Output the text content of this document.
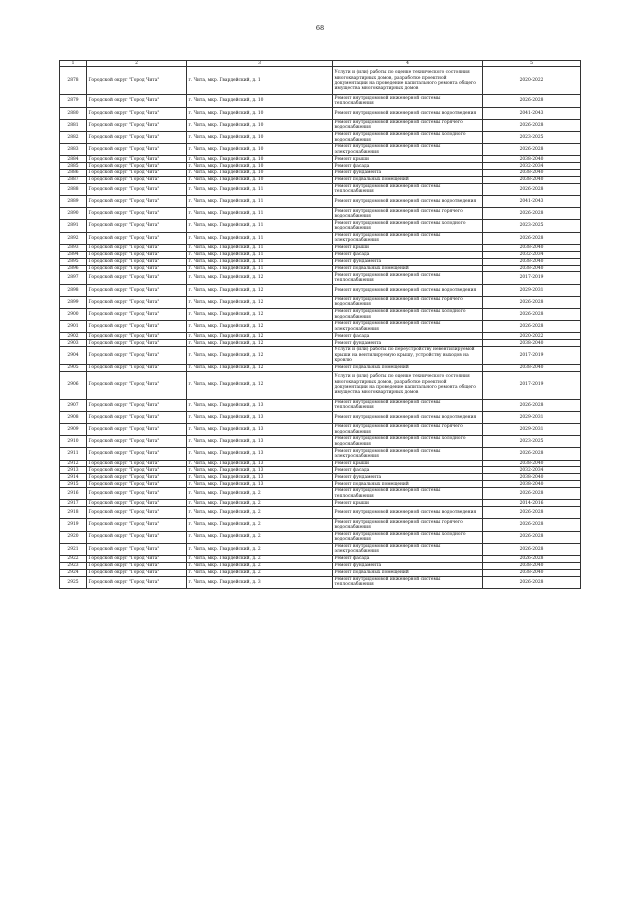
68
1	2	3	4	5
2878	Городской округ "Город Чита"	г. Чита, мкр. Гвардейский, д. 1	Услуги и (или) работы по оценке технического состояния многоквартирных домов, разработке проектной документации на проведение капитального ремонта общего имущества многоквартирных домов	2020-2022
2879	Городской округ "Город Чита"	г. Чита, мкр. Гвардейский, д. 10	Ремонт внутридомовой инженерной системы теплоснабжения	2026-2028
2880	Городской округ "Город Чита"	г. Чита, мкр. Гвардейский, д. 10	Ремонт внутридомовой инженерной системы водоотведения	2041-2043
2881	Городской округ "Город Чита"	г. Чита, мкр. Гвардейский, д. 10	Ремонт внутридомовой инженерной системы горячего водоснабжения	2026-2028
2882	Городской округ "Город Чита"	г. Чита, мкр. Гвардейский, д. 10	Ремонт внутридомовой инженерной системы холодного водоснабжения	2023-2025
2883	Городской округ "Город Чита"	г. Чита, мкр. Гвардейский, д. 10	Ремонт внутридомовой инженерной системы электроснабжения	2026-2028
2884	Городской округ "Город Чита"	г. Чита, мкр. Гвардейский, д. 10	Ремонт крыши	2038-2040
2885	Городской округ "Город Чита"	г. Чита, мкр. Гвардейский, д. 10	Ремонт фасада	2032-2034
2886	Городской округ "Город Чита"	г. Чита, мкр. Гвардейский, д. 10	Ремонт фундамента	2038-2040
2887	Городской округ "Город Чита"	г. Чита, мкр. Гвардейский, д. 10	Ремонт подвальных помещений	2038-2040
2888	Городской округ "Город Чита"	г. Чита, мкр. Гвардейский, д. 11	Ремонт внутридомовой инженерной системы теплоснабжения	2026-2028
2889	Городской округ "Город Чита"	г. Чита, мкр. Гвардейский, д. 11	Ремонт внутридомовой инженерной системы водоотведения	2041-2043
2890	Городской округ "Город Чита"	г. Чита, мкр. Гвардейский, д. 11	Ремонт внутридомовой инженерной системы горячего водоснабжения	2026-2028
2891	Городской округ "Город Чита"	г. Чита, мкр. Гвардейский, д. 11	Ремонт внутридомовой инженерной системы холодного водоснабжения	2023-2025
2892	Городской округ "Город Чита"	г. Чита, мкр. Гвардейский, д. 11	Ремонт внутридомовой инженерной системы электроснабжения	2026-2028
2893	Городской округ "Город Чита"	г. Чита, мкр. Гвардейский, д. 11	Ремонт крыши	2038-2040
2894	Городской округ "Город Чита"	г. Чита, мкр. Гвардейский, д. 11	Ремонт фасада	2032-2034
2895	Городской округ "Город Чита"	г. Чита, мкр. Гвардейский, д. 11	Ремонт фундамента	2038-2040
2896	Городской округ "Город Чита"	г. Чита, мкр. Гвардейский, д. 11	Ремонт подвальных помещений	2038-2040
2897	Городской округ "Город Чита"	г. Чита, мкр. Гвардейский, д. 12	Ремонт внутридомовой инженерной системы теплоснабжения	2017-2019
2898	Городской округ "Город Чита"	г. Чита, мкр. Гвардейский, д. 12	Ремонт внутридомовой инженерной системы водоотведения	2029-2031
2899	Городской округ "Город Чита"	г. Чита, мкр. Гвардейский, д. 12	Ремонт внутридомовой инженерной системы горячего водоснабжения	2026-2028
2900	Городской округ "Город Чита"	г. Чита, мкр. Гвардейский, д. 12	Ремонт внутридомовой инженерной системы холодного водоснабжения	2026-2028
2901	Городской округ "Город Чита"	г. Чита, мкр. Гвардейский, д. 12	Ремонт внутридомовой инженерной системы электроснабжения	2026-2028
2902	Городской округ "Город Чита"	г. Чита, мкр. Гвардейский, д. 12	Ремонт фасада	2020-2022
2903	Городской округ "Город Чита"	г. Чита, мкр. Гвардейский, д. 12	Ремонт фундамента	2038-2040
2904	Городской округ "Город Чита"	г. Чита, мкр. Гвардейский, д. 12	Услуги и (или) работы по переустройству невентилируемой крыши на вентилируемую крышу, устройству выходов на кровлю	2017-2019
2905	Городской округ "Город Чита"	г. Чита, мкр. Гвардейский, д. 12	Ремонт подвальных помещений	2038-2040
2906	Городской округ "Город Чита"	г. Чита, мкр. Гвардейский, д. 12	Услуги и (или) работы по оценке технического состояния многоквартирных домов, разработке проектной документации на проведение капитального ремонта общего имущества многоквартирных домов	2017-2019
2907	Городской округ "Город Чита"	г. Чита, мкр. Гвардейский, д. 13	Ремонт внутридомовой инженерной системы теплоснабжения	2026-2028
2908	Городской округ "Город Чита"	г. Чита, мкр. Гвардейский, д. 13	Ремонт внутридомовой инженерной системы водоотведения	2029-2031
2909	Городской округ "Город Чита"	г. Чита, мкр. Гвардейский, д. 13	Ремонт внутридомовой инженерной системы горячего водоснабжения	2029-2031
2910	Городской округ "Город Чита"	г. Чита, мкр. Гвардейский, д. 13	Ремонт внутридомовой инженерной системы холодного водоснабжения	2023-2025
2911	Городской округ "Город Чита"	г. Чита, мкр. Гвардейский, д. 13	Ремонт внутридомовой инженерной системы электроснабжения	2026-2028
2912	Городской округ "Город Чита"	г. Чита, мкр. Гвардейский, д. 13	Ремонт крыши	2038-2040
2913	Городской округ "Город Чита"	г. Чита, мкр. Гвардейский, д. 13	Ремонт фасада	2032-2034
2914	Городской округ "Город Чита"	г. Чита, мкр. Гвардейский, д. 13	Ремонт фундамента	2038-2040
2915	Городской округ "Город Чита"	г. Чита, мкр. Гвардейский, д. 13	Ремонт подвальных помещений	2038-2040
2916	Городской округ "Город Чита"	г. Чита, мкр. Гвардейский, д. 2	Ремонт внутридомовой инженерной системы теплоснабжения	2026-2028
2917	Городской округ "Город Чита"	г. Чита, мкр. Гвардейский, д. 2	Ремонт крыши	2014-2016
2918	Городской округ "Город Чита"	г. Чита, мкр. Гвардейский, д. 2	Ремонт внутридомовой инженерной системы водоотведения	2026-2028
2919	Городской округ "Город Чита"	г. Чита, мкр. Гвардейский, д. 2	Ремонт внутридомовой инженерной системы горячего водоснабжения	2026-2028
2920	Городской округ "Город Чита"	г. Чита, мкр. Гвардейский, д. 2	Ремонт внутридомовой инженерной системы холодного водоснабжения	2026-2028
2921	Городской округ "Город Чита"	г. Чита, мкр. Гвардейский, д. 2	Ремонт внутридомовой инженерной системы электроснабжения	2026-2028
2922	Городской округ "Город Чита"	г. Чита, мкр. Гвардейский, д. 2	Ремонт фасада	2026-2028
2923	Городской округ "Город Чита"	г. Чита, мкр. Гвардейский, д. 2	Ремонт фундамента	2038-2040
2924	Городской округ "Город Чита"	г. Чита, мкр. Гвардейский, д. 2	Ремонт подвальных помещений	2038-2040
2925	Городской округ "Город Чита"	г. Чита, мкр. Гвардейский, д. 3	Ремонт внутридомовой инженерной системы теплоснабжения	2026-2028
